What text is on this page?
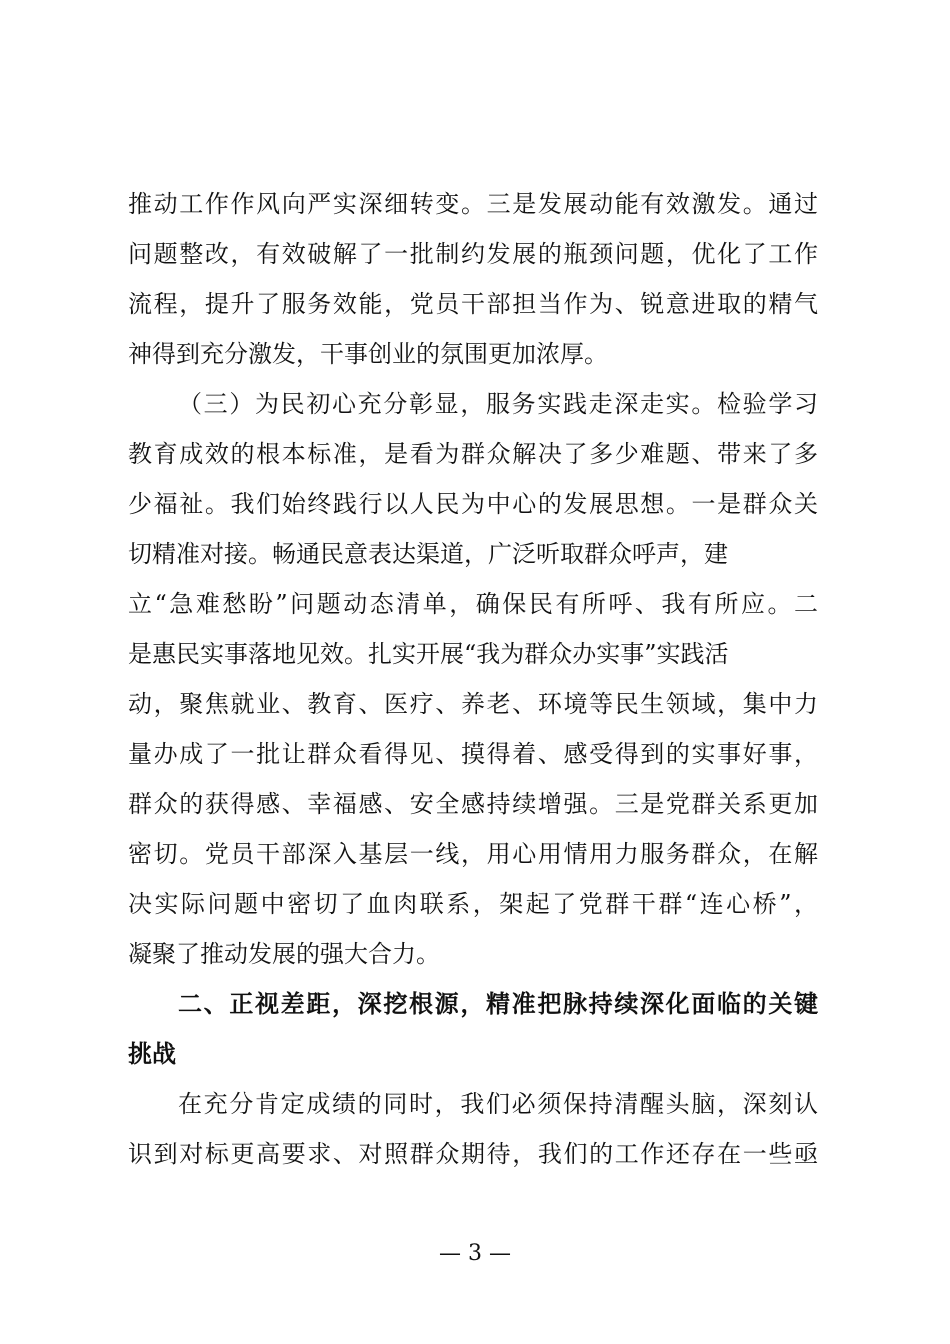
推动工作作风向严实深细转变。三是发展动能有效激发。通过
问题整改，有效破解了一批制约发展的瓶颈问题，优化了工作
流程，提升了服务效能，党员干部担当作为、锐意进取的精气
神得到充分激发，干事创业的氛围更加浓厚。
（三）为民初心充分彰显，服务实践走深走实。检验学习
教育成效的根本标准，是看为群众解决了多少难题、带来了多
少福祉。我们始终践行以人民为中心的发展思想。一是群众关
切精准对接。畅通民意表达渠道，广泛听取群众呼声，建
立“急难愁盼”问题动态清单，确保民有所呼、我有所应。二
是惠民实事落地见效。扎实开展“我为群众办实事”实践活
动，聚焦就业、教育、医疗、养老、环境等民生领域，集中力
量办成了一批让群众看得见、摸得着、感受得到的实事好事，
群众的获得感、幸福感、安全感持续增强。三是党群关系更加
密切。党员干部深入基层一线，用心用情用力服务群众，在解
决实际问题中密切了血肉联系，架起了党群干群“连心桥”，
凝聚了推动发展的强大合力。
二、正视差距，深挖根源，精准把脉持续深化面临的关键
挑战
在充分肯定成绩的同时，我们必须保持清醒头脑，深刻认
识到对标更高要求、对照群众期待，我们的工作还存在一些亟
— 3 —
